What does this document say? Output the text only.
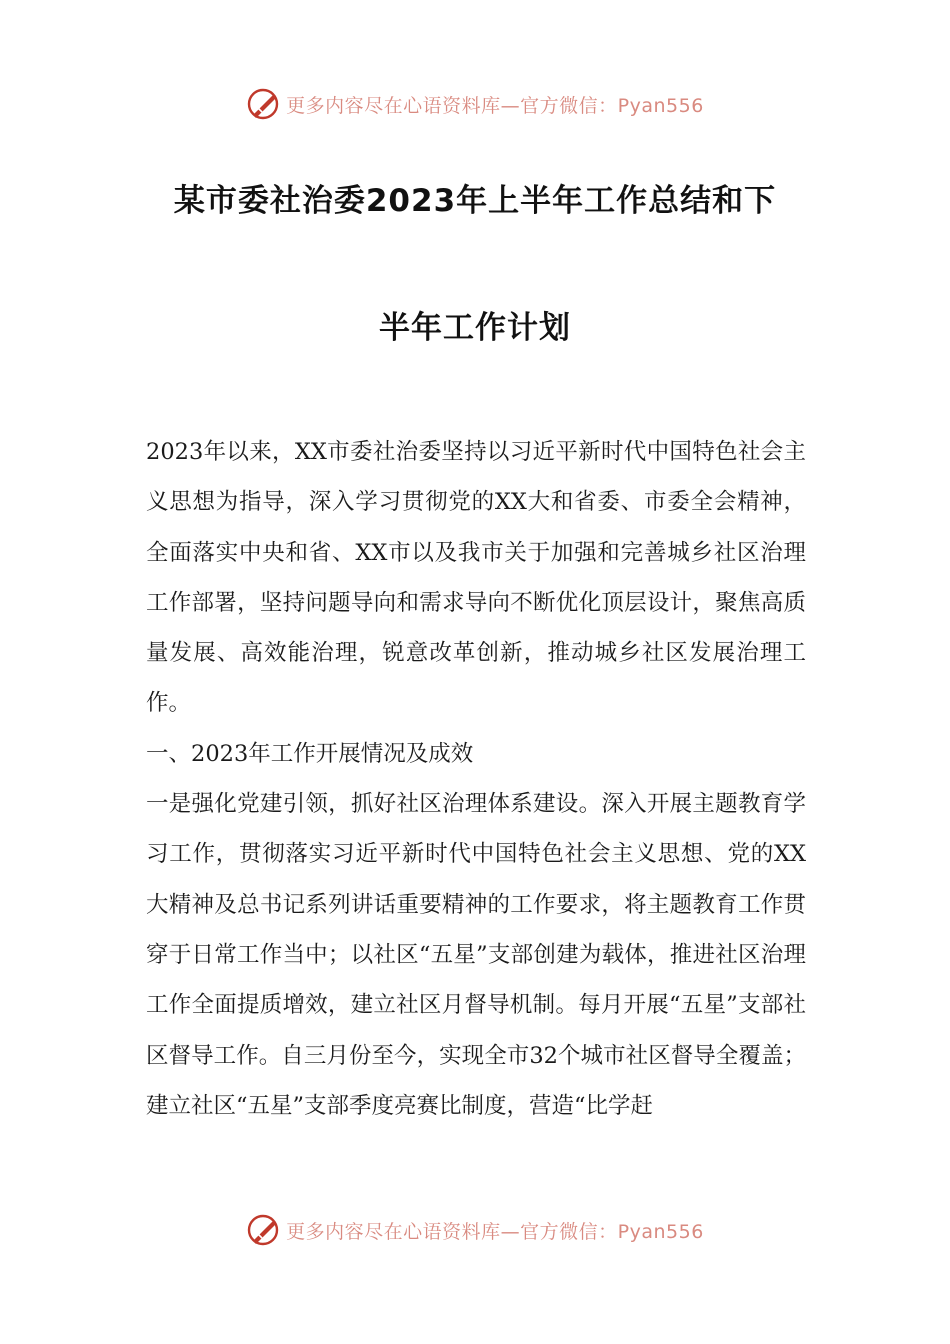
更多内容尽在心语资料库—官方微信：Pyan556
某市委社治委2023年上半年工作总结和下
半年工作计划

2023年以来，XX市委社治委坚持以习近平新时代中国特色社会主义思想为指导，深入学习贯彻党的XX大和省委、市委全会精神，全面落实中央和省、XX市以及我市关于加强和完善城乡社区治理工作部署，坚持问题导向和需求导向不断优化顶层设计，聚焦高质量发展、高效能治理，锐意改革创新，推动城乡社区发展治理工作。

一、2023年工作开展情况及成效

一是强化党建引领，抓好社区治理体系建设。深入开展主题教育学习工作，贯彻落实习近平新时代中国特色社会主义思想、党的XX大精神及总书记系列讲话重要精神的工作要求，将主题教育工作贯穿于日常工作当中；以社区“五星”支部创建为载体，推进社区治理工作全面提质增效，建立社区月督导机制。每月开展“五星”支部社区督导工作。自三月份至今，实现全市32个城市社区督导全覆盖；建立社区“五星”支部季度亮赛比制度，营造“比学赶

更多内容尽在心语资料库—官方微信：Pyan556
